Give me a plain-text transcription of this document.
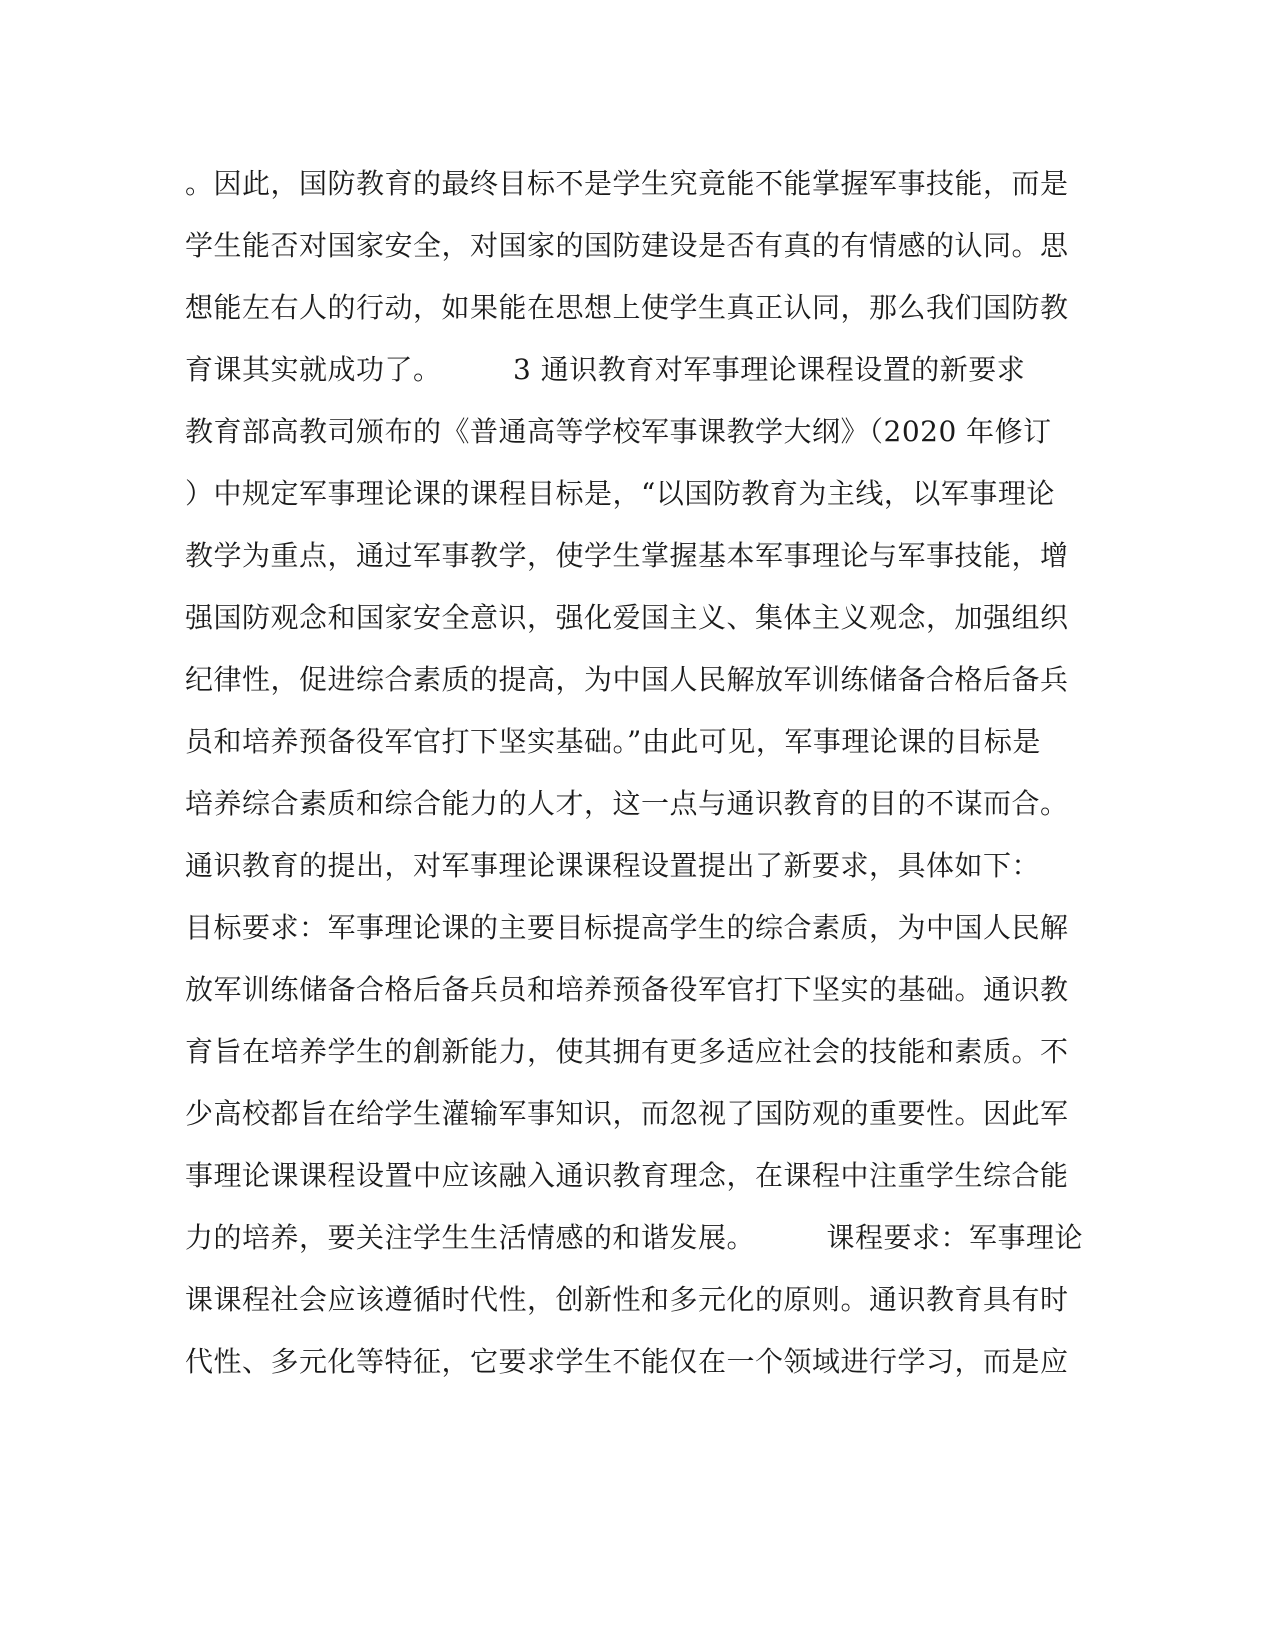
。因此，国防教育的最终目标不是学生究竟能不能掌握军事技能，而是
学生能否对国家安全，对国家的国防建设是否有真的有情感的认同。思
想能左右人的行动，如果能在思想上使学生真正认同，那么我们国防教
育课其实就成功了。　　　3 通识教育对军事理论课程设置的新要求
教育部高教司颁布的《普通高等学校军事课教学大纲》（2020 年修订
）中规定军事理论课的课程目标是，“以国防教育为主线，以军事理论
教学为重点，通过军事教学，使学生掌握基本军事理论与军事技能，增
强国防观念和国家安全意识，强化爱国主义、集体主义观念，加强组织
纪律性，促进综合素质的提高，为中国人民解放军训练储备合格后备兵
员和培养预备役军官打下坚实基础。”由此可见，军事理论课的目标是
培养综合素质和综合能力的人才，这一点与通识教育的目的不谋而合。
通识教育的提出，对军事理论课课程设置提出了新要求，具体如下：
目标要求：军事理论课的主要目标提高学生的综合素质，为中国人民解
放军训练储备合格后备兵员和培养预备役军官打下坚实的基础。通识教
育旨在培养学生的創新能力，使其拥有更多适应社会的技能和素质。不
少高校都旨在给学生灌输军事知识，而忽视了国防观的重要性。因此军
事理论课课程设置中应该融入通识教育理念，在课程中注重学生综合能
力的培养，要关注学生生活情感的和谐发展。　　　课程要求：军事理论
课课程社会应该遵循时代性，创新性和多元化的原则。通识教育具有时
代性、多元化等特征，它要求学生不能仅在一个领域进行学习，而是应
